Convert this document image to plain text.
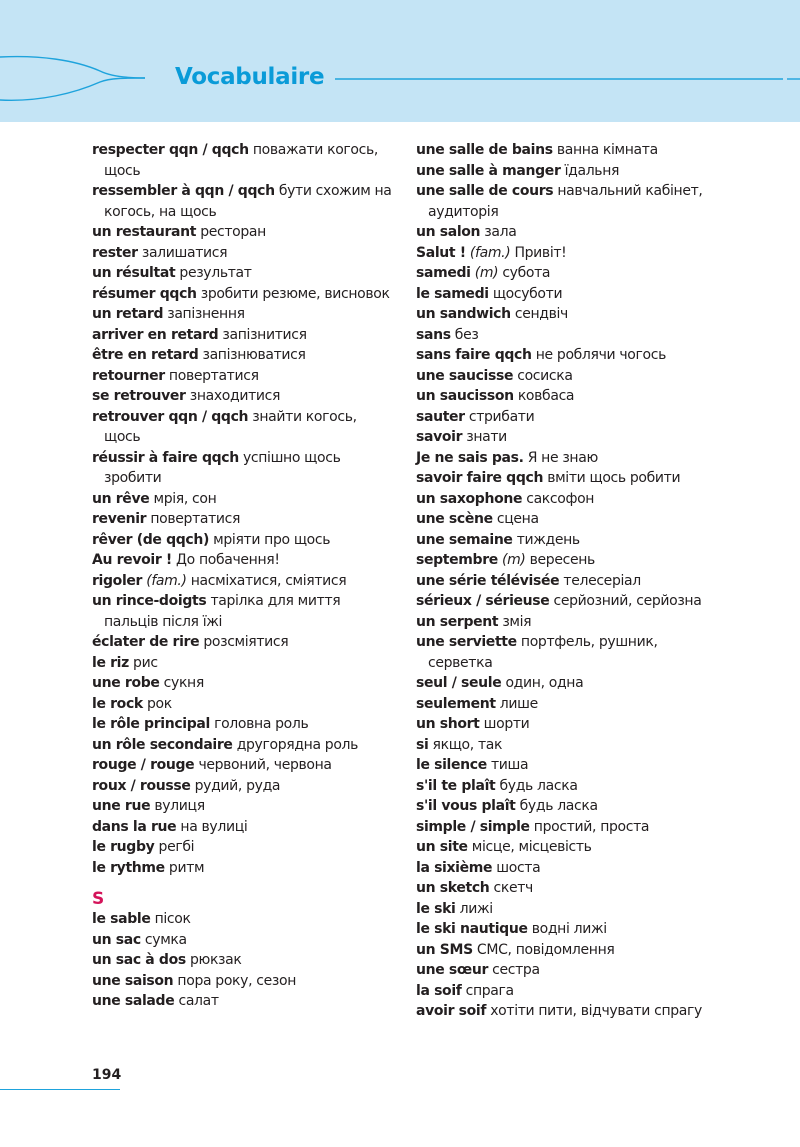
Vocabulaire
respecter qqn / qqch поважати когось, щось
ressembler à qqn / qqch бути схожим на когось, на щось
un restaurant ресторан
rester залишатися
un résultat результат
résumer qqch зробити резюме, висновок
un retard запізнення
arriver en retard запізнитися
être en retard запізнюватися
retourner повертатися
se retrouver знаходитися
retrouver qqn / qqch знайти когось, щось
réussir à faire qqch успішно щось зробити
un rêve мрія, сон
revenir повертатися
rêver (de qqch) мріяти про щось
Au revoir ! До побачення!
rigoler (fam.) насміхатися, сміятися
un rince-doigts тарілка для миття пальців після їжі
éclater de rire розсміятися
le riz рис
une robe сукня
le rock рок
le rôle principal головна роль
un rôle secondaire другорядна роль
rouge / rouge червоний, червона
roux / rousse рудий, руда
une rue вулиця
dans la rue на вулиці
le rugby регбі
le rythme ритм
S
le sable пісок
un sac сумка
un sac à dos рюкзак
une saison пора року, сезон
une salade салат
une salle de bains ванна кімната
une salle à manger їдальня
une salle de cours навчальний кабінет, аудиторія
un salon зала
Salut ! (fam.) Привіт!
samedi (m) субота
le samedi щосуботи
un sandwich сендвіч
sans без
sans faire qqch не роблячи чогось
une saucisse сосиска
un saucisson ковбаса
sauter стрибати
savoir знати
Je ne sais pas. Я не знаю
savoir faire qqch вміти щось робити
un saxophone саксофон
une scène сцена
une semaine тиждень
septembre (m) вересень
une série télévisée телесеріал
sérieux / sérieuse серйозний, серйозна
un serpent змія
une serviette портфель, рушник, серветка
seul / seule один, одна
seulement лише
un short шорти
si якщо, так
le silence тиша
s'il te plaît будь ласка
s'il vous plaît будь ласка
simple / simple простий, проста
un site місце, місцевість
la sixième шоста
un sketch скетч
le ski лижі
le ski nautique водні лижі
un SMS СМС, повідомлення
une sœur сестра
la soif спрага
avoir soif хотіти пити, відчувати спрагу
194
